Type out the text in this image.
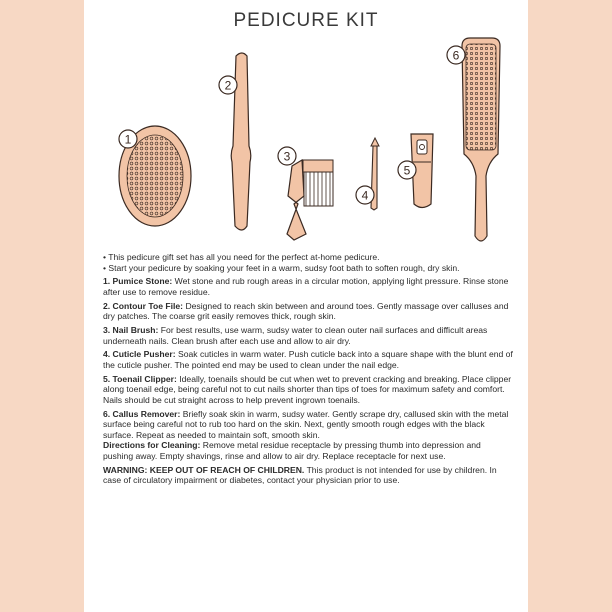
PEDICURE KIT
1
2
3
4
5
6

• This pedicure gift set has all you need for the perfect at-home pedicure.

• Start your pedicure by soaking your feet in a warm, sudsy foot bath to soften rough, dry skin.

1. Pumice Stone: Wet stone and rub rough areas in a circular motion, applying light pressure. Rinse stone after use to remove residue.

2. Contour Toe File: Designed to reach skin between and around toes. Gently massage over calluses and dry patches. The coarse grit easily removes thick, rough skin.

3. Nail Brush: For best results, use warm, sudsy water to clean outer nail surfaces and difficult areas underneath nails. Clean brush after each use and allow to air dry.

4. Cuticle Pusher: Soak cuticles in warm water. Push cuticle back into a square shape with the blunt end of the cuticle pusher. The pointed end may be used to clean under the nail edge.

5. Toenail Clipper: Ideally, toenails should be cut when wet to prevent cracking and breaking. Place clipper along toenail edge, being careful not to cut nails shorter than tips of toes for maximum safety and comfort. Nails should be cut straight across to help prevent ingrown toenails.

6. Callus Remover: Briefly soak skin in warm, sudsy water. Gently scrape dry, callused skin with the metal surface being careful not to rub too hard on the skin. Next, gently smooth rough edges with the black surface. Repeat as needed to maintain soft, smooth skin.

Directions for Cleaning: Remove metal residue receptacle by pressing thumb into depression and pushing away. Empty shavings, rinse and allow to air dry. Replace receptacle for next use.

WARNING: KEEP OUT OF REACH OF CHILDREN. This product is not intended for use by children. In case of circulatory impairment or diabetes, contact your physician prior to use.
